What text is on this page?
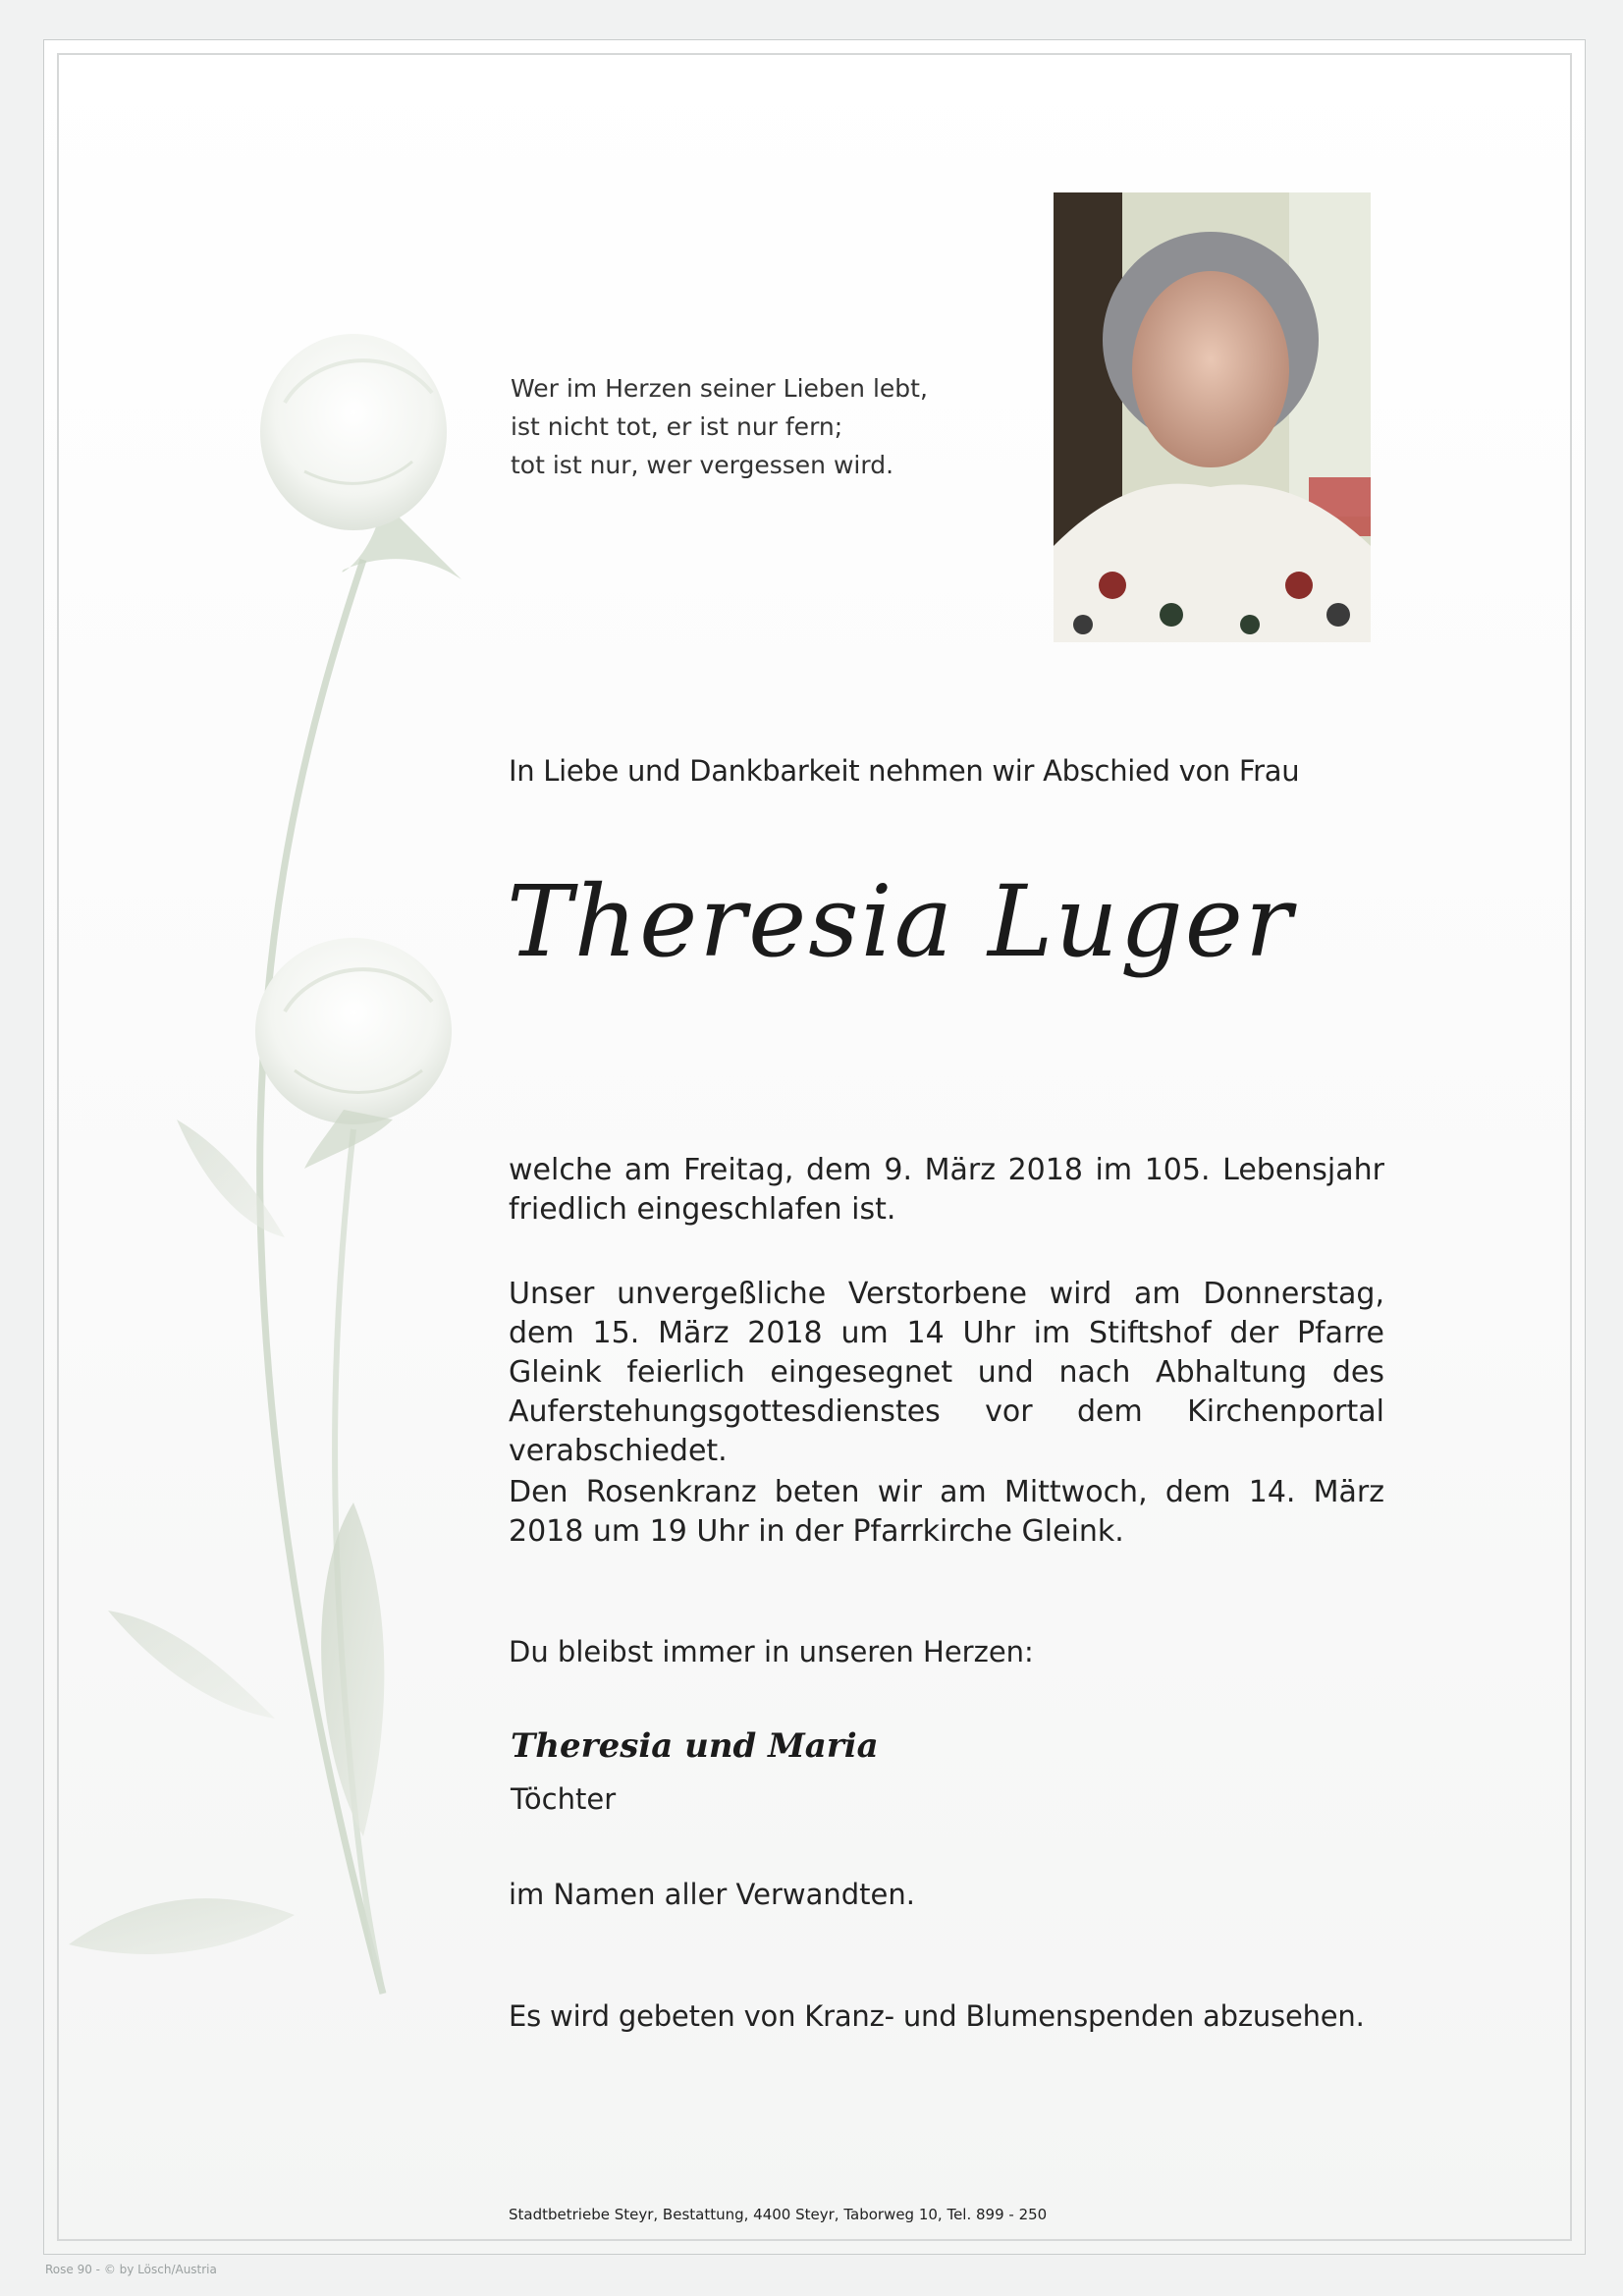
Wer im Herzen seiner Lieben lebt,
ist nicht tot, er ist nur fern;
tot ist nur, wer vergessen wird.
In Liebe und Dankbarkeit nehmen wir Abschied von Frau
Theresia Luger
welche am Freitag, dem 9. März 2018 im 105. Lebensjahr friedlich eingeschlafen ist.
Unser unvergeßliche Verstorbene wird am Donnerstag, dem 15. März 2018 um 14 Uhr im Stiftshof der Pfarre Gleink feierlich eingesegnet und nach Abhaltung des Auferstehungsgottesdienstes vor dem Kirchenportal verabschiedet.
Den Rosenkranz beten wir am Mittwoch, dem 14. März 2018 um 19 Uhr in der Pfarrkirche Gleink.
Du bleibst immer in unseren Herzen:
Theresia und Maria
Töchter
im Namen aller Verwandten.
Es wird gebeten von Kranz- und Blumenspenden abzusehen.
Stadtbetriebe Steyr, Bestattung, 4400 Steyr, Taborweg 10, Tel. 899 - 250
Rose 90 - © by Lösch/Austria
